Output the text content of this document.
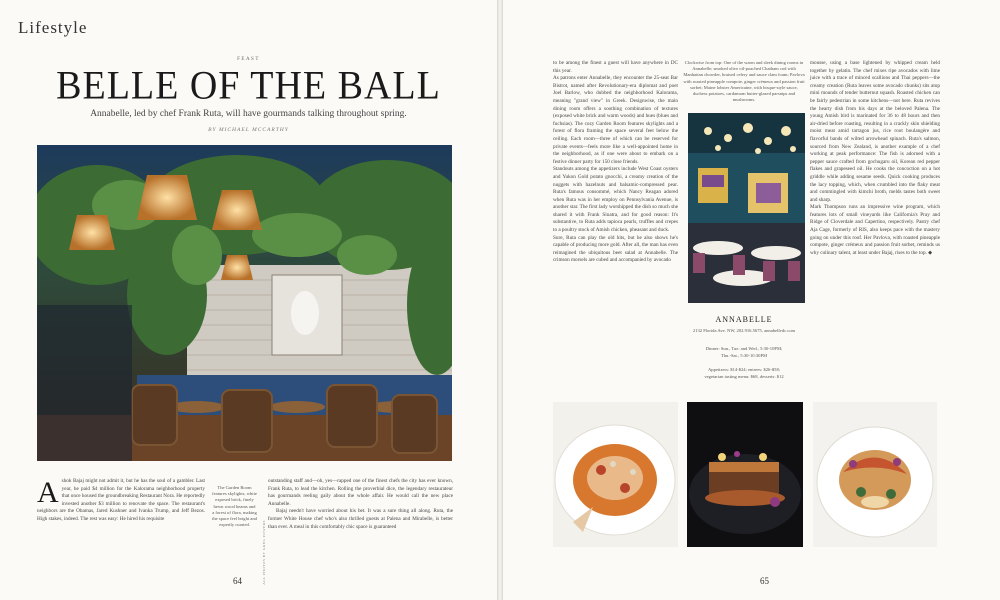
Lifestyle
FEAST
BELLE OF THE BALL
Annabelle, led by chef Frank Ruta, will have gourmands talking throughout spring.
BY MICHAEL MCCARTHY

Ashok Bajaj might not admit it, but he has the soul of a gambler. Last year, he paid $4 million for the Kalorama neighborhood property that once housed the groundbreaking Restaurant Nora. He reportedly invested another $3 million to renovate the space. The restaurant's neighbors are the Obamas, Jared Kushner and Ivanka Trump, and Jeff Bezos. High stakes, indeed. The rest was easy: He hired his requisite

The Garden Room features skylights, white exposed brick, finely hewn wood beams and a forest of flora, making the space feel bright and expertly curated.	ALL PHOTOS BY GREG POWERS

outstanding staff and—oh, yes—rapped one of the finest chefs the city has ever known, Frank Ruta, to lead the kitchen. Rolling the proverbial dice, the legendary restaurateur has gourmands reeling gaily about the whole affair. He would call the new place Annabelle.

Bajaj needn't have worried about his bet. It was a sure thing all along. Ruta, the former White House chef who's also thrilled guests at Palena and Mirabelle, is better than ever. A meal in this comfortably chic space is guaranteed

64
to be among the finest a guest will have anywhere in DC this year.
As patrons enter Annabelle, they encounter the 25-seat Bar Bistrot, named after Revolutionary-era diplomat and poet Joel Barlow, who dubbed the neighborhood Kalorama, meaning "grand view" in Greek. Designwise, the main dining room offers a soothing combination of textures (exposed white brick and warm woods) and hues (blues and fuchsias). The cozy Garden Room features skylights and a forest of flora framing the space several feet below the ceiling. Each room—three of which can be reserved for private events—feels more like a well-appointed home in the neighborhood, as if one were about to embark on a festive dinner party for 150 close friends.
Standouts among the appetizers include West Coast oysters and Yukon Gold potato gnocchi, a creamy creation of the nuggets with hazelnuts and balsamic-compressed pear. Ruta's famous consommé, which Nancy Reagan adored when Ruta was in her employ on Pennsylvania Avenue, is another star. The first lady worshipped the dish so much she shared it with Frank Sinatra, and for good reason: It's substantive, to Ruta adds tapioca pearls, truffles and crepes to a poultry stock of Amish chicken, pheasant and duck.
Sure, Ruta can play the old hits, but he also shows he's capable of producing more gold. After all, the man has even reimagined the ubiquitous beet salad at Annabelle. The crimson morsels are cubed and accompanied by avocado
Clockwise from top: One of the warm and sleek dining rooms in Annabelle; smoked olive oil-poached Chatham cod with Manhattan chowder, braised celery and sauce clam foam; Pavlova with roasted pineapple compote, ginger crémeux and passion fruit sorbet; Maine lobster Americaine, with bisque-style sauce, duchess potatoes, cardamom butter-glazed parsnips and mushrooms.
ANNABELLE
2132 Florida Ave. NW, 202.916.5675, annabelledc.com
Dinner: Sun., Tue. and Wed., 5:30-10PM;
Thu.-Sat., 5:30-10:30PM
Appetizers: $14-$24; entrees: $26-$58;
vegetarian tasting menu: $68, desserts: $12
mousse, using a base lightened by whipped cream held together by gelatin. The chef mixes ripe avocados with lime juice with a trace of minced scallions and Thai peppers—the creamy creation (Ruta leaves some avocado chunks) sits atop mini mounds of tender butternut squash. Roasted chicken can be fairly pedestrian in some kitchens—not here. Ruta revives the hearty dish from his days at the beloved Palena. The young Amish bird is marinated for 36 to 48 hours and then air-dried before roasting, resulting in a crackly skin shielding moist meat amid tarragon jus, rice root boulangère and flavorful bands of wilted arrowhead spinach. Ruta's salmon, sourced from New Zealand, is another example of a chef working at peak performance: The fish is adorned with a pepper sauce crafted from gochugaru oil, Korean red pepper flakes and grapeseed oil. He cooks the concoction on a hot griddle while adding sesame seeds. Quick cooking produces the lacy topping, which, when crumbled into the flaky meat and commingled with kimchi broth, melds tastes both sweet and sharp.
Mark Thompson runs an impressive wine program, which features lots of small vineyards like California's Pray and Ridge of Cloverdale and Capertino, respectively. Pastry chef Aja Cage, formerly of RIS, also keeps pace with the mastery going on under this roof. Her Pavlova, with roasted pineapple compote, ginger crémeux and passion fruit sorbet, reminds us why culinary talent, at least under Bajaj, rises to the top. ◆
65
